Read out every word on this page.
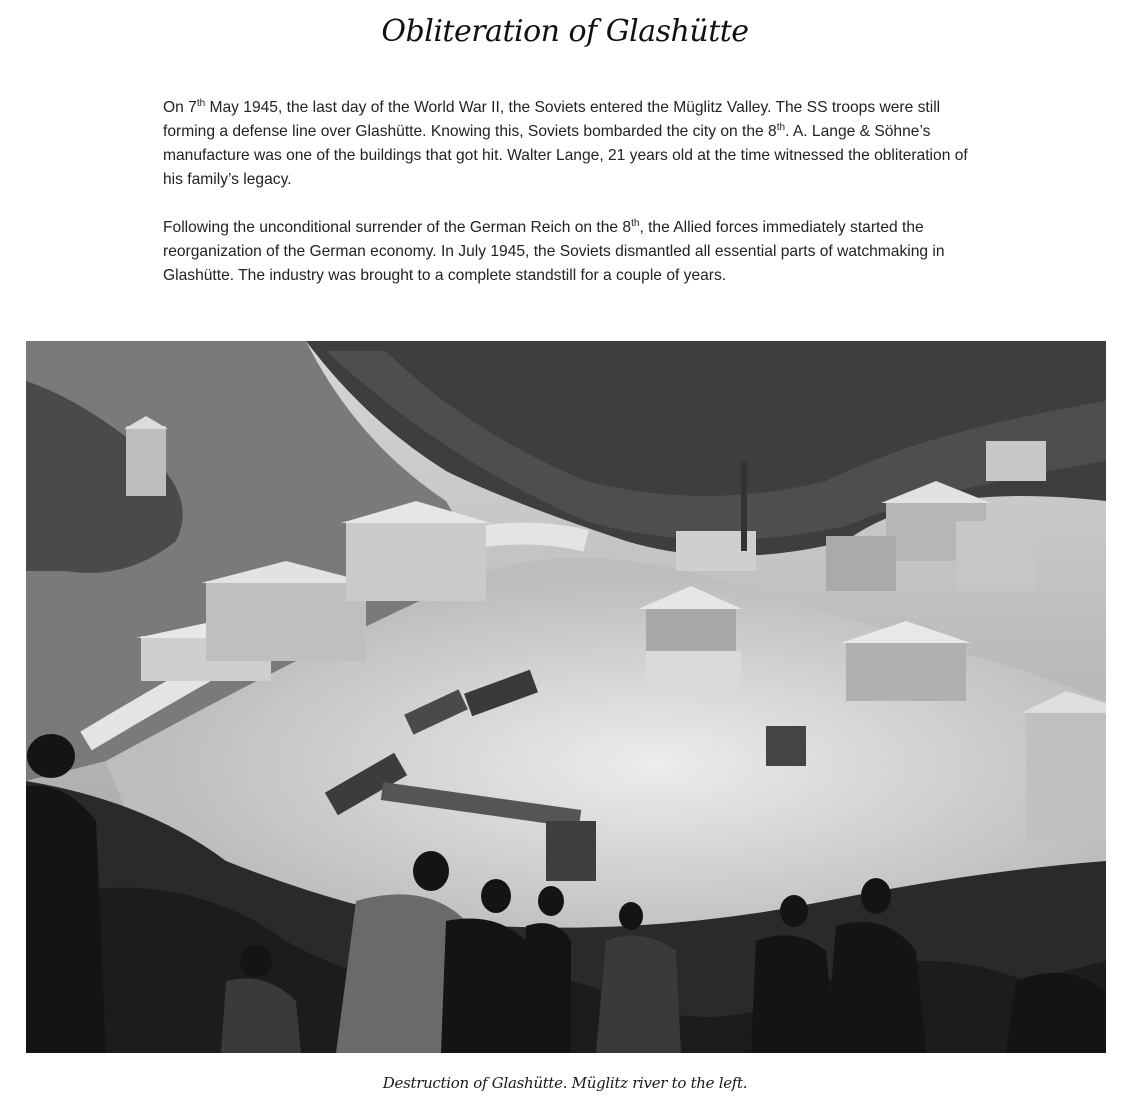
Obliteration of Glashütte

On 7th May 1945, the last day of the World War II, the Soviets entered the Müglitz Valley. The SS troops were still forming a defense line over Glashütte. Knowing this, Soviets bombarded the city on the 8th. A. Lange & Söhne’s manufacture was one of the buildings that got hit. Walter Lange, 21 years old at the time witnessed the obliteration of his family’s legacy.

Following the unconditional surrender of the German Reich on the 8th, the Allied forces immediately started the reorganization of the German economy. In July 1945, the Soviets dismantled all essential parts of watchmaking in Glashütte. The industry was brought to a complete standstill for a couple of years.

Destruction of Glashütte. Müglitz river to the left.
